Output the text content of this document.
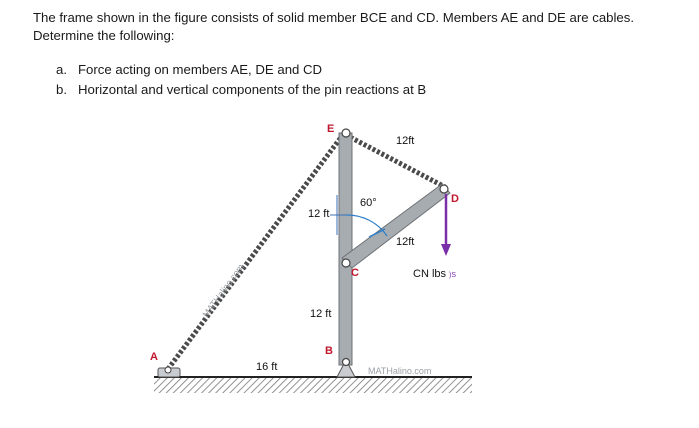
The frame shown in the figure consists of solid member BCE and CD. Members AE and DE are cables.
Determine the following:

a. Force acting on members AE, DE and CD
b. Horizontal and vertical components of the pin reactions at B
E
C
D
B
A
12ft
12ft
12 ft
12 ft
16 ft
60°
CN lbs )S
MATHalino.com
MATHalino.com
